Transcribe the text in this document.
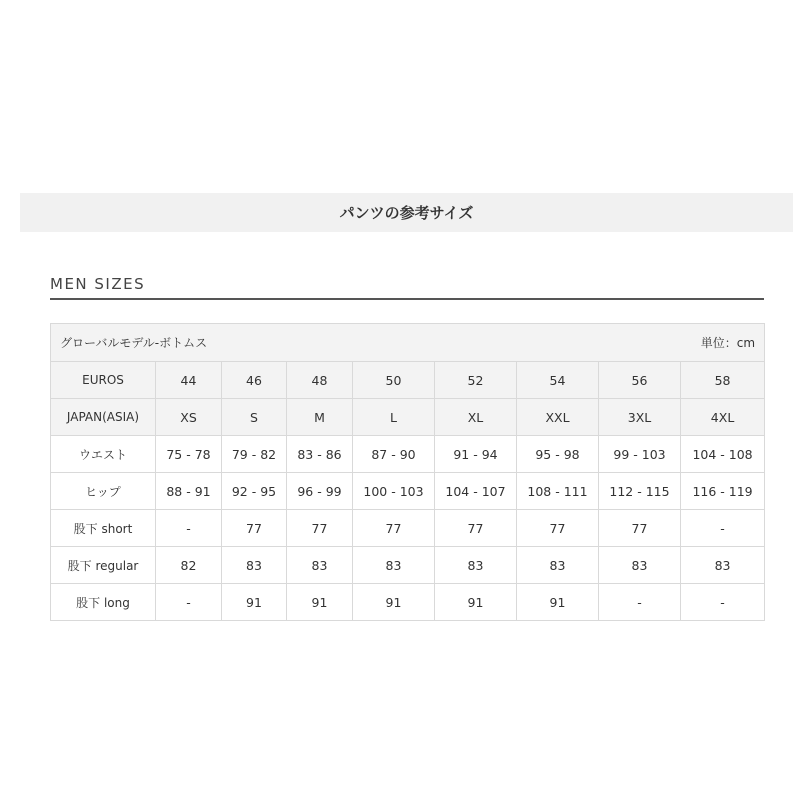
パンツの参考サイズ
MEN SIZES
グローバルモデル-ボトムス 単位：cm								

EUROS	44	46	48	50	52	54	56	58
JAPAN(ASIA)	XS	S	M	L	XL	XXL	3XL	4XL
ウエスト	75 - 78	79 - 82	83 - 86	87 - 90	91 - 94	95 - 98	99 - 103	104 - 108
ヒップ	88 - 91	92 - 95	96 - 99	100 - 103	104 - 107	108 - 111	112 - 115	116 - 119
股下 short	-	77	77	77	77	77	77	-
股下 regular	82	83	83	83	83	83	83	83
股下 long	-	91	91	91	91	91	-	-
